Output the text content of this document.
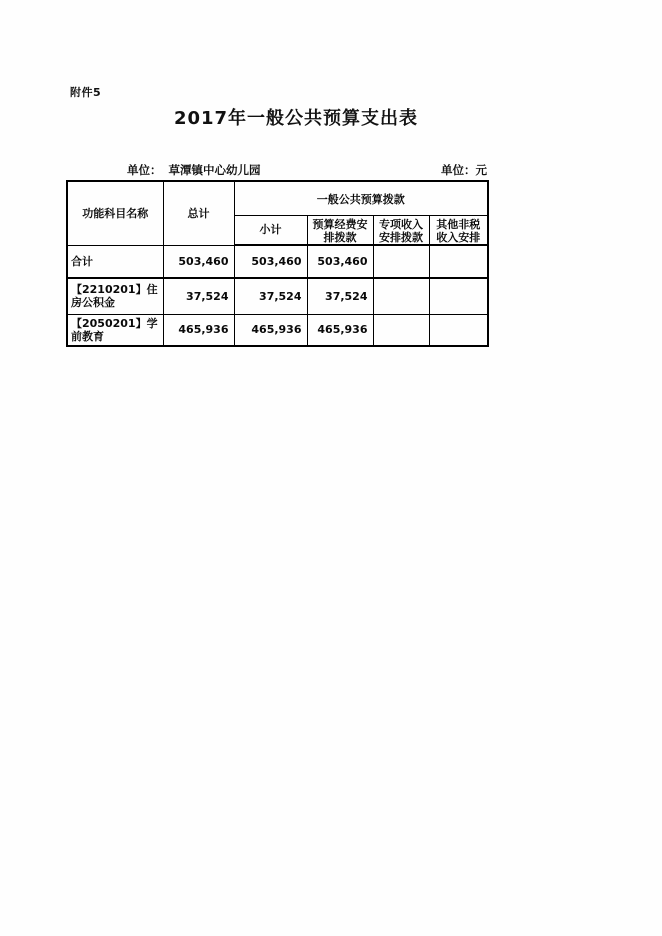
附件5
2017年一般公共预算支出表
单位： 草潭镇中心幼儿园	单位：元
功能科目名称	总计	一般公共预算拨款			
		小计	预算经费安排拨款	专项收入安排拨款	其他非税收入安排
合计	503,460	503,460	503,460		
【2210201】住房公积金	37,524	37,524	37,524		
【2050201】学前教育	465,936	465,936	465,936		
